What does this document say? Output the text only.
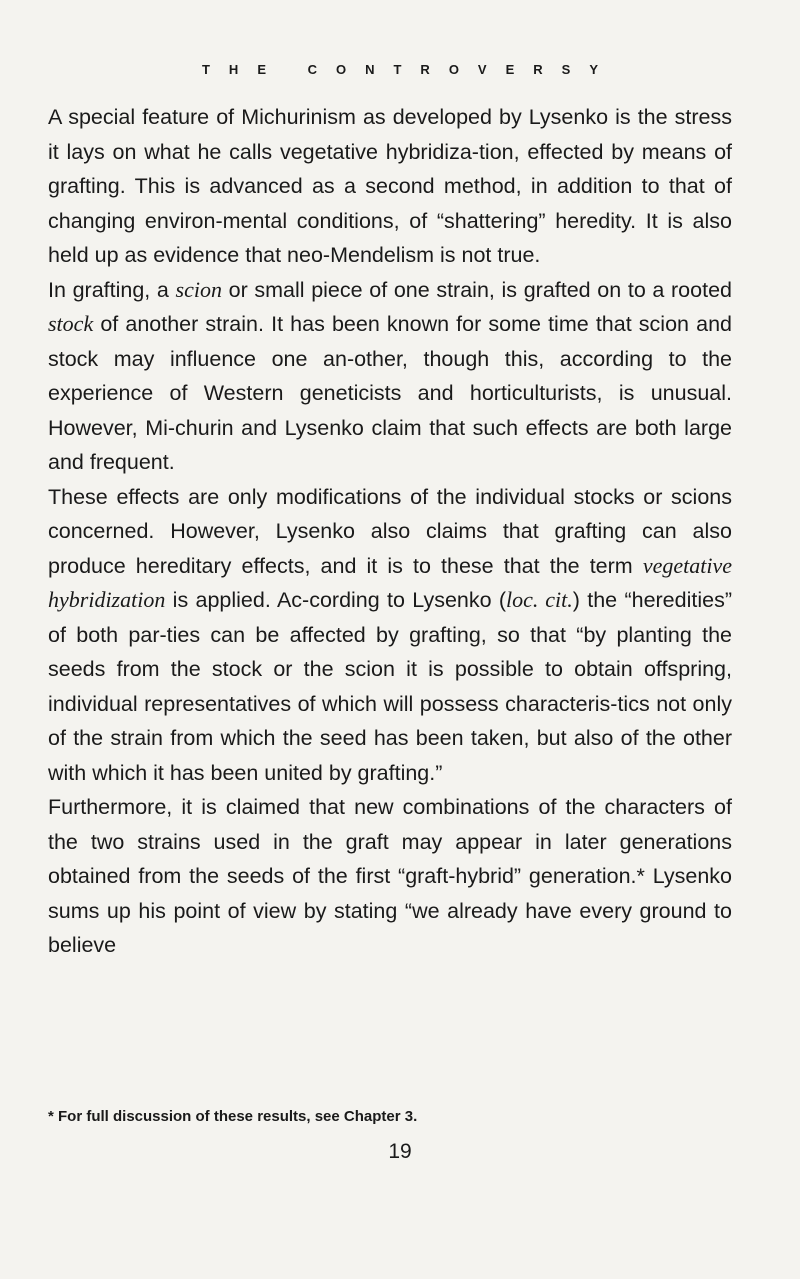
THE CONTROVERSY

A special feature of Michurinism as developed by Lysenko is the stress it lays on what he calls vegetative hybridiza-tion, effected by means of grafting. This is advanced as a second method, in addition to that of changing environ-mental conditions, of “shattering” heredity. It is also held up as evidence that neo-Mendelism is not true.

In grafting, a scion or small piece of one strain, is grafted on to a rooted stock of another strain. It has been known for some time that scion and stock may influence one an-other, though this, according to the experience of Western geneticists and horticulturists, is unusual. However, Mi-churin and Lysenko claim that such effects are both large and frequent.

These effects are only modifications of the individual stocks or scions concerned. However, Lysenko also claims that grafting can also produce hereditary effects, and it is to these that the term vegetative hybridization is applied. Ac-cording to Lysenko (loc. cit.) the “heredities” of both par-ties can be affected by grafting, so that “by planting the seeds from the stock or the scion it is possible to obtain offspring, individual representatives of which will possess characteris-tics not only of the strain from which the seed has been taken, but also of the other with which it has been united by grafting.”

Furthermore, it is claimed that new combinations of the characters of the two strains used in the graft may appear in later generations obtained from the seeds of the first “graft-hybrid” generation.* Lysenko sums up his point of view by stating “we already have every ground to believe

* For full discussion of these results, see Chapter 3.
19
